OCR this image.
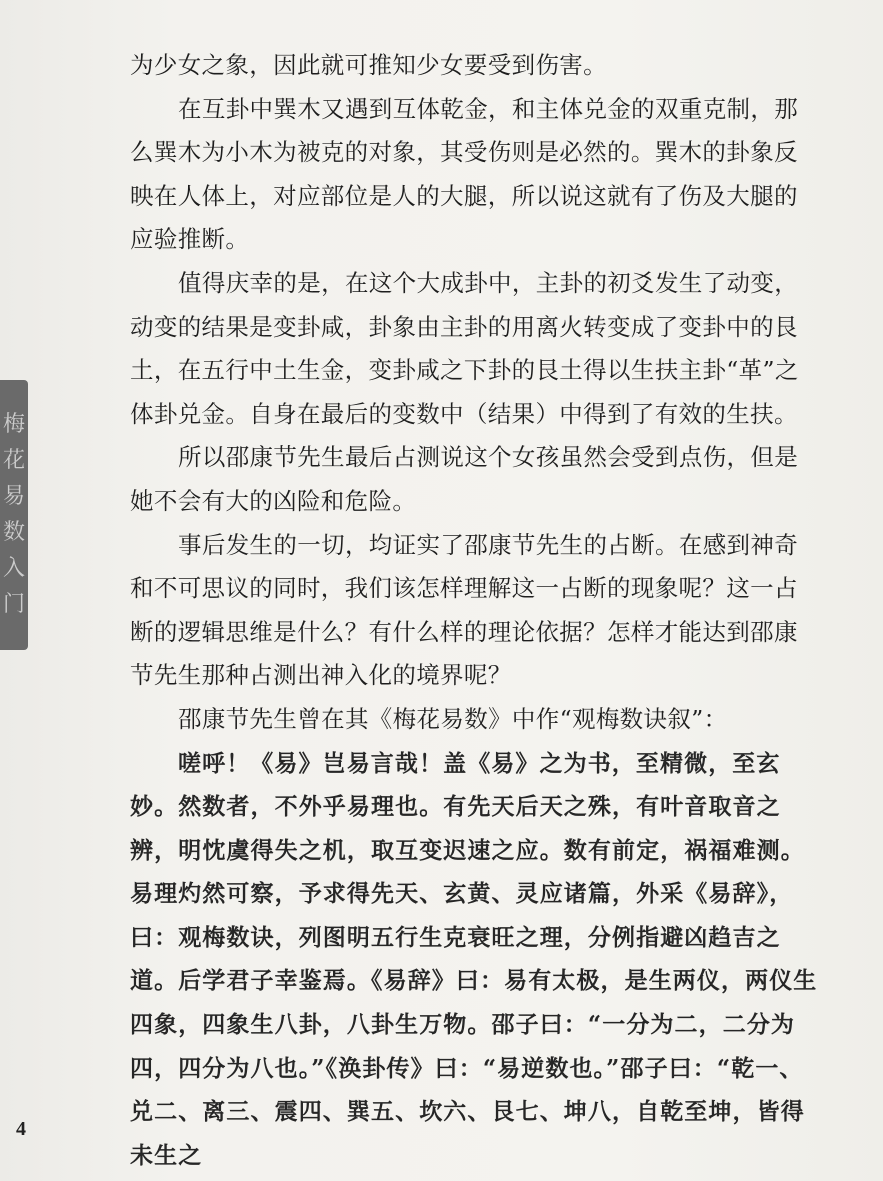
梅
花
易
数
入
门

为少女之象，因此就可推知少女要受到伤害。

在互卦中巽木又遇到互体乾金，和主体兑金的双重克制，那么巽木为小木为被克的对象，其受伤则是必然的。巽木的卦象反映在人体上，对应部位是人的大腿，所以说这就有了伤及大腿的应验推断。

值得庆幸的是，在这个大成卦中，主卦的初爻发生了动变，动变的结果是变卦咸，卦象由主卦的用离火转变成了变卦中的艮土，在五行中土生金，变卦咸之下卦的艮土得以生扶主卦“革”之体卦兑金。自身在最后的变数中（结果）中得到了有效的生扶。

所以邵康节先生最后占测说这个女孩虽然会受到点伤，但是她不会有大的凶险和危险。

事后发生的一切，均证实了邵康节先生的占断。在感到神奇和不可思议的同时，我们该怎样理解这一占断的现象呢？这一占断的逻辑思维是什么？有什么样的理论依据？怎样才能达到邵康节先生那种占测出神入化的境界呢？

邵康节先生曾在其《梅花易数》中作“观梅数诀叙”：

嗟呼！《易》岂易言哉！盖《易》之为书，至精微，至玄妙。然数者，不外乎易理也。有先天后天之殊，有叶音取音之辨，明忱虞得失之机，取互变迟速之应。数有前定，祸福难测。易理灼然可察，予求得先天、玄黄、灵应诸篇，外采《易辞》，曰：观梅数诀，列图明五行生克衰旺之理，分例指避凶趋吉之道。后学君子幸鉴焉。《易辞》曰：易有太极，是生两仪，两仪生四象，四象生八卦，八卦生万物。邵子曰：“一分为二，二分为四，四分为八也。”《涣卦传》曰：“易逆数也。”邵子曰：“乾一、兑二、离三、震四、巽五、坎六、艮七、坤八，自乾至坤，皆得未生之

4
